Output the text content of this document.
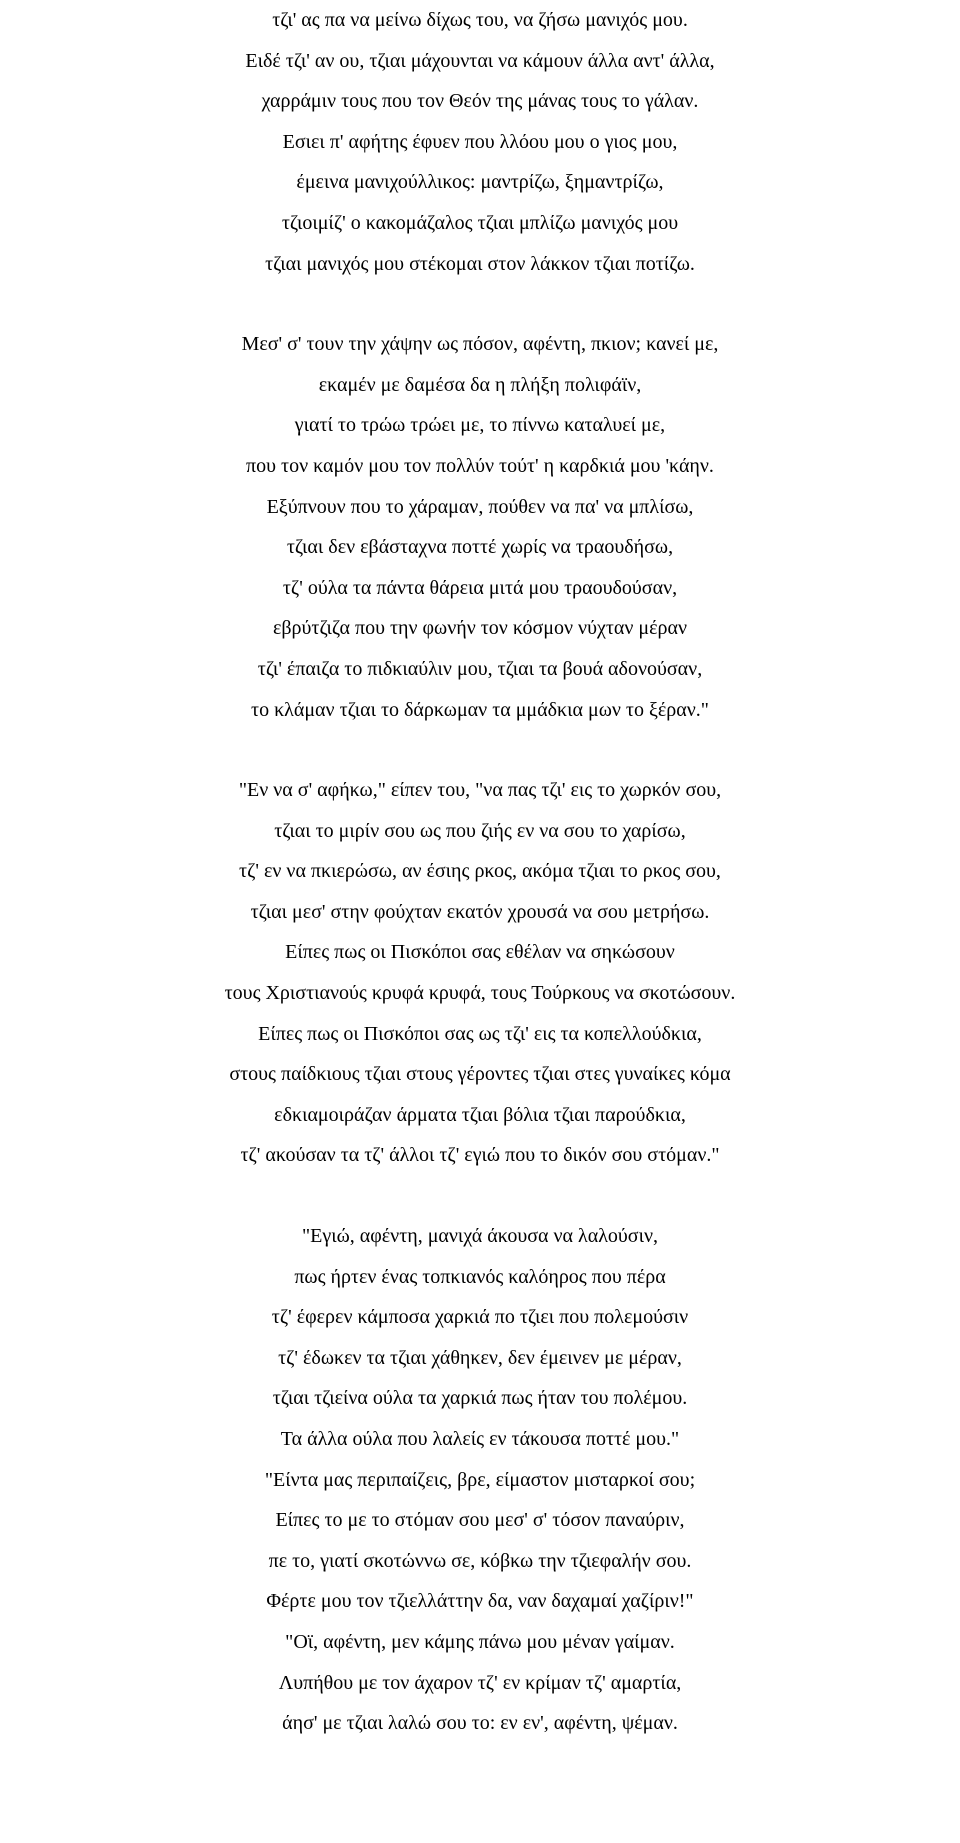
τζι' ας πα να μείνω δίχως του, να ζήσω μανιχός μου.
Ειδέ τζι' αν ου, τζιαι μάχουνται να κάμουν άλλα αντ' άλλα,
χαρράμιν τους που τον Θεόν της μάνας τους το γάλαν.
Εσιει π' αφήτης έφυεν που λλόου μου ο γιος μου,
έμεινα μανιχούλλικος: μαντρίζω, ξημαντρίζω,
τζιοιμίζ' ο κακομάζαλος τζιαι μπλίζω μανιχός μου
τζιαι μανιχός μου στέκομαι στον λάκκον τζιαι ποτίζω.
Μεσ' σ' τουν την χάψην ως πόσον, αφέντη, πκιον; κανεί με,
εκαμέν με δαμέσα δα η πλήξη πολιφάϊν,
γιατί το τρώω τρώει με, το πίννω καταλυεί με,
που τον καμόν μου τον πολλύν τούτ' η καρδκιά μου 'κάην.
Εξύπνουν που το χάραμαν, πούθεν να πα' να μπλίσω,
τζιαι δεν εβάσταχνα ποττέ χωρίς να τραουδήσω,
τζ' ούλα τα πάντα θάρεια μιτά μου τραουδούσαν,
εβρύτζιζα που την φωνήν τον κόσμον νύχταν μέραν
τζι' έπαιζα το πιδκιαύλιν μου, τζιαι τα βουά αδονούσαν,
το κλάμαν τζιαι το δάρκωμαν τα μμάδκια μων το ξέραν."
"Εν να σ' αφήκω," είπεν του, "να πας τζι' εις το χωρκόν σου,
τζιαι το μιρίν σου ως που ζιής εν να σου το χαρίσω,
τζ' εν να πκιερώσω, αν έσιης ρκος, ακόμα τζιαι το ρκος σου,
τζιαι μεσ' στην φούχταν εκατόν χρουσά να σου μετρήσω.
Είπες πως οι Πισκόποι σας εθέλαν να σηκώσουν
τους Χριστιανούς κρυφά κρυφά, τους Τούρκους να σκοτώσουν.
Είπες πως οι Πισκόποι σας ως τζι' εις τα κοπελλούδκια,
στους παίδκιους τζιαι στους γέροντες τζιαι στες γυναίκες κόμα
εδκιαμοιράζαν άρματα τζιαι βόλια τζιαι παρούδκια,
τζ' ακούσαν τα τζ' άλλοι τζ' εγιώ που το δικόν σου στόμαν."
"Εγιώ, αφέντη, μανιχά άκουσα να λαλούσιν,
πως ήρτεν ένας τοπκιανός καλόηρος που πέρα
τζ' έφερεν κάμποσα χαρκιά πο τζιει που πολεμούσιν
τζ' έδωκεν τα τζιαι χάθηκεν, δεν έμεινεν με μέραν,
τζιαι τζιείνα ούλα τα χαρκιά πως ήταν του πολέμου.
Τα άλλα ούλα που λαλείς εν τάκουσα ποττέ μου."
"Είντα μας περιπαίζεις, βρε, είμαστον μισταρκοί σου;
Είπες το με το στόμαν σου μεσ' σ' τόσον παναύριν,
πε το, γιατί σκοτώννω σε, κόβκω την τζιεφαλήν σου.
Φέρτε μου τον τζιελλάττην δα, ναν δαχαμαί χαζίριν!"
"Οϊ, αφέντη, μεν κάμης πάνω μου μέναν γαίμαν.
Λυπήθου με τον άχαρον τζ' εν κρίμαν τζ' αμαρτία,
άησ' με τζιαι λαλώ σου το: εν εν', αφέντη, ψέμαν.
